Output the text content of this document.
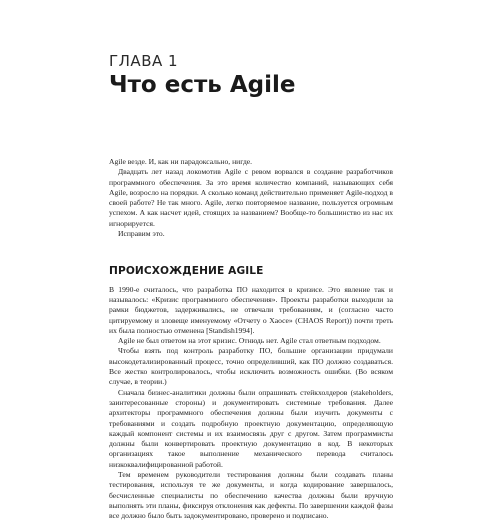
ГЛАВА 1
Что есть Agile

Agile везде. И, как ни парадоксально, нигде.

Двадцать лет назад локомотив Agile с ревом ворвался в создание разработчиков программного обеспечения. За это время количество компаний, называющих себя Agile, возросло на порядки. А сколько команд действительно применяет Agile-подход в своей работе? Не так много. Agile, легко повторяемое название, пользуется огромным успехом. А как насчет идей, стоящих за названием? Вообще-то большинство из нас их игнорируется.

Исправим это.

ПРОИСХОЖДЕНИЕ AGILE

В 1990-е считалось, что разработка ПО находится в кризисе. Это явление так и называлось: «Кризис программного обеспечения». Проекты разработки выходили за рамки бюджетов, задерживались, не отвечали требованиям, и (согласно часто цитируемому и зловеще именуемому «Отчету о Хаосе» (CHAOS Report)) почти треть их была полностью отменена [Standish1994].

Agile не был ответом на этот кризис. Отнюдь нет. Agile стал ответным подходом.

Чтобы взять под контроль разработку ПО, большие организации придумали высокодетализированный процесс, точно определивший, как ПО должно создаваться. Все жестко контролировалось, чтобы исключить возможность ошибки. (Во всяком случае, в теории.)

Сначала бизнес-аналитики должны были опрашивать стейкхолдеров (stakeholders, заинтересованные стороны) и документировать системные требования. Далее архитекторы программного обеспечения должны были изучить документы с требованиями и создать подробную проектную документацию, определяющую каждый компонент системы и их взаимосвязь друг с другом. Затем программисты должны были конвертировать проектную документацию в код. В некоторых организациях такое выполнение механического перевода считалось низкоквалифицированной работой.

Тем временем руководители тестирования должны были создавать планы тестирования, используя те же документы, и когда кодирование завершалось, бесчисленные специалисты по обеспечению качества должны были вручную выполнять эти планы, фиксируя отклонения как дефекты. По завершении каждой фазы все должно было быть задокументировано, проверено и подписано.
